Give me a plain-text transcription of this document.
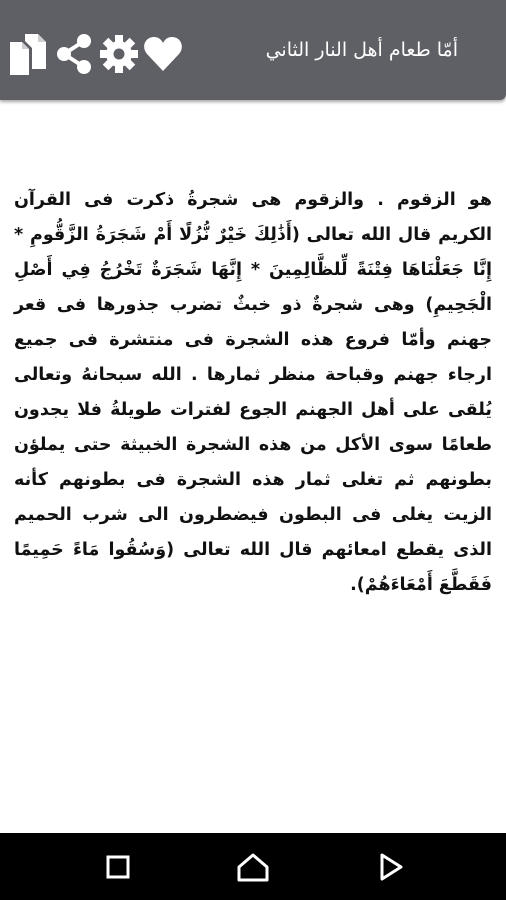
أمّا طعام أهل النار الثاني
هو الزقوم . والزقوم هى شجرةُ ذكرت فى القرآن الكريم قال الله تعالى (أَذَٰلِكَ خَيْرٌ نُّزُلًا أَمْ شَجَرَةُ الزَّقُّومِ * إِنَّا جَعَلْنَاهَا فِتْنَةً لِّلظَّالِمِينَ * إِنَّهَا شَجَرَةٌ تَخْرُجُ فِي أَصْلِ الْجَحِيمِ) وهى شجرةٌ ذو خبثٌ تضرب جذورها فى قعر جهنم وأمّا فروع هذه الشجرة فى منتشرة فى جميع ارجاء جهنم وقباحة منظر ثمارها . الله سبحانهُ وتعالى يُلقى على أهل الجهنم الجوع لفترات طويلةُ فلا يجدون طعامًا سوى الأكل من هذه الشجرة الخبيثة حتى يملؤن بطونهم ثم تغلى ثمار هذه الشجرة فى بطونهم كأنه الزيت يغلى فى البطون فيضطرون الى شرب الحميم الذى يقطع امعائهم قال الله تعالى (وَسُقُوا مَاءً حَمِيمًا فَقَطَّعَ أَمْعَاءَهُمْ).
